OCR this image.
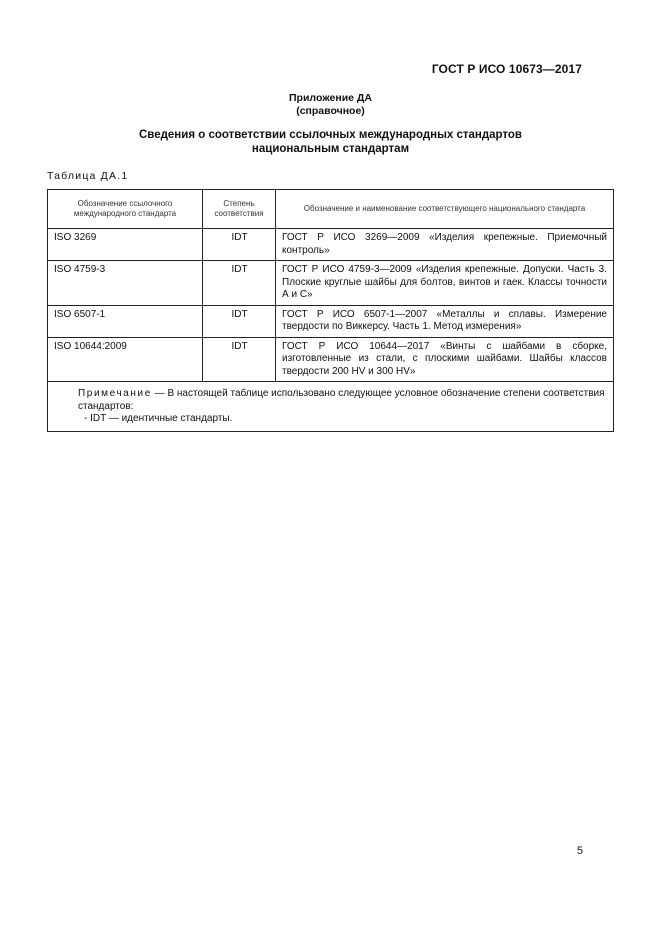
ГОСТ Р ИСО 10673—2017
Приложение ДА
(справочное)
Сведения о соответствии ссылочных международных стандартов
национальным стандартам
Таблица ДА.1
Обозначение ссылочного международного стандарта	Степень соответствия	Обозначение и наименование соответствующего национального стандарта
ISO 3269	IDT	ГОСТ Р ИСО 3269—2009 «Изделия крепежные. Приемочный контроль»
ISO 4759-3	IDT	ГОСТ Р ИСО 4759-3—2009 «Изделия крепежные. Допуски. Часть 3. Плоские круглые шайбы для болтов, винтов и гаек. Классы точности А и С»
ISO 6507-1	IDT	ГОСТ Р ИСО 6507-1—2007 «Металлы и сплавы. Измерение твердости по Виккерсу. Часть 1. Метод измерения»
ISO 10644:2009	IDT	ГОСТ Р ИСО 10644—2017 «Винты с шайбами в сборке, изготовленные из стали, с плоскими шайбами. Шайбы классов твердости 200 HV и 300 HV»

Примечание — В настоящей таблице использовано следующее условное обозначение степени соответствия стандартов:
- IDT — идентичные стандарты.		
5
